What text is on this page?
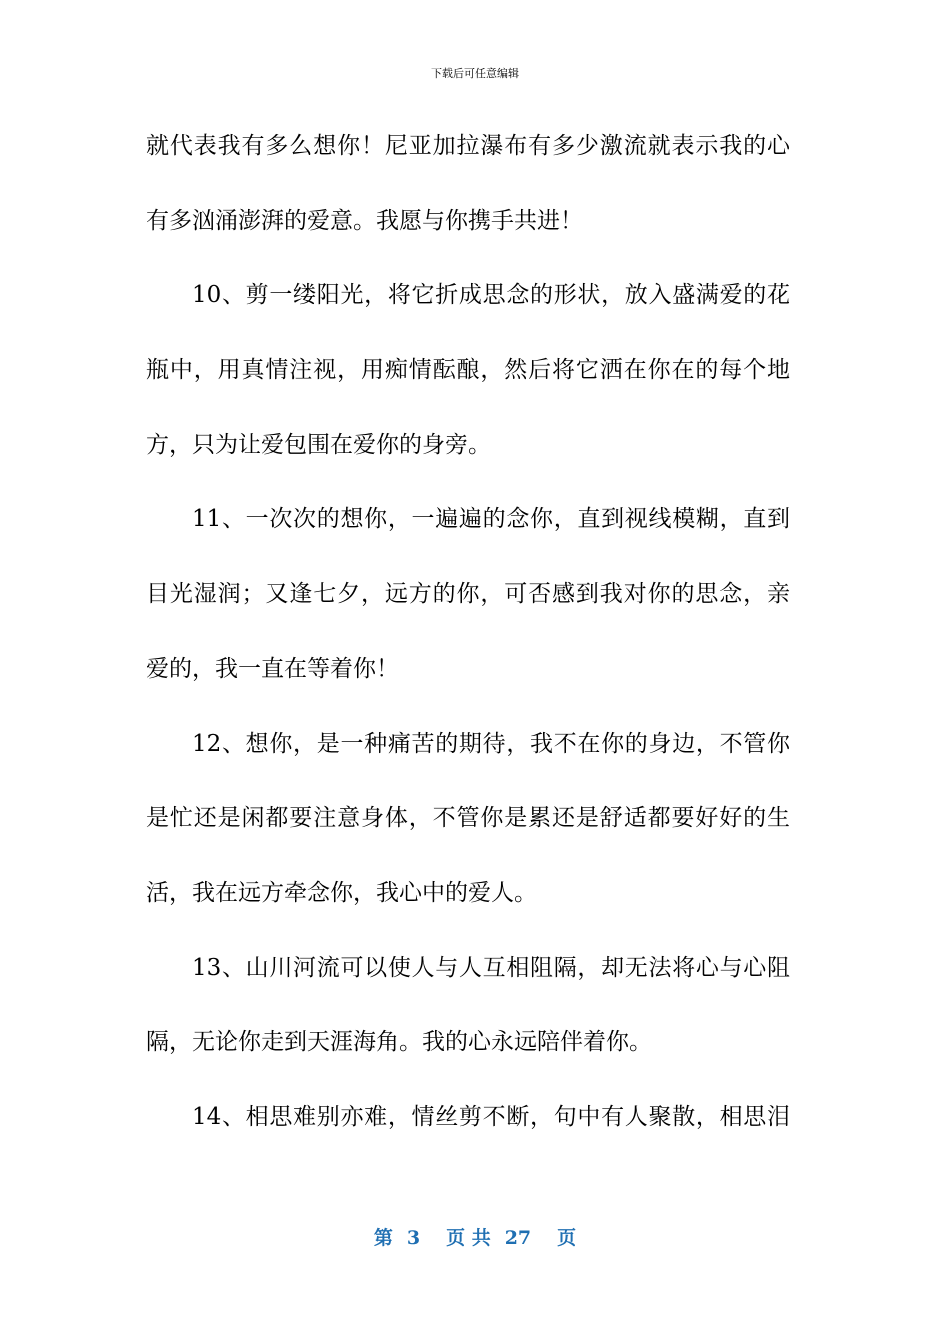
下载后可任意编辑
就代表我有多么想你！尼亚加拉瀑布有多少激流就表示我的心
有多汹涌澎湃的爱意。我愿与你携手共进！
10、剪一缕阳光，将它折成思念的形状，放入盛满爱的花
瓶中，用真情注视，用痴情酝酿，然后将它洒在你在的每个地
方，只为让爱包围在爱你的身旁。
11、一次次的想你，一遍遍的念你，直到视线模糊，直到
目光湿润；又逢七夕，远方的你，可否感到我对你的思念，亲
爱的，我一直在等着你！
12、想你，是一种痛苦的期待，我不在你的身边，不管你
是忙还是闲都要注意身体，不管你是累还是舒适都要好好的生
活，我在远方牵念你，我心中的爱人。
13、山川河流可以使人与人互相阻隔，却无法将心与心阻
隔，无论你走到天涯海角。我的心永远陪伴着你。
14、相思难别亦难，情丝剪不断，句中有人聚散，相思泪
第 3 页 共 27 页
